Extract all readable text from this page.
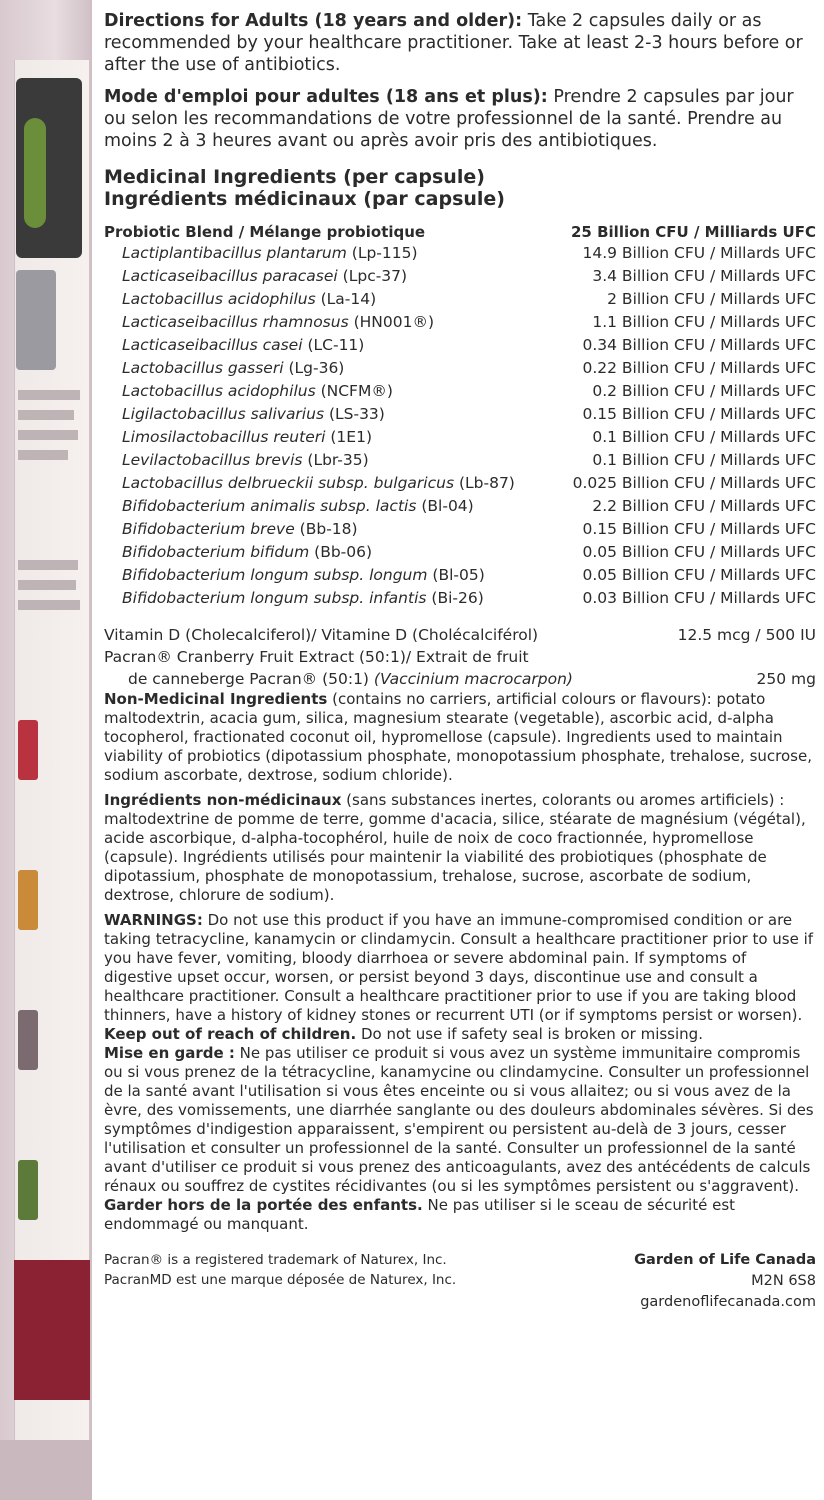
Directions for Adults (18 years and older): Take 2 capsules daily or as recommended by your healthcare practitioner. Take at least 2-3 hours before or after the use of antibiotics.

Mode d'emploi pour adultes (18 ans et plus): Prendre 2 capsules par jour ou selon les recommandations de votre professionnel de la santé. Prendre au moins 2 à 3 heures avant ou après avoir pris des antibiotiques.

Medicinal Ingredients (per capsule)
Ingrédients médicinaux (par capsule)
Probiotic Blend / Mélange probiotique	25 Billion CFU / Milliards UFC
Lactiplantibacillus plantarum (Lp-115)	14.9 Billion CFU / Millards UFC
Lacticaseibacillus paracasei (Lpc-37)	3.4 Billion CFU / Millards UFC
Lactobacillus acidophilus (La-14)	2 Billion CFU / Millards UFC
Lacticaseibacillus rhamnosus (HN001®)	1.1 Billion CFU / Millards UFC
Lacticaseibacillus casei (LC-11)	0.34 Billion CFU / Millards UFC
Lactobacillus gasseri (Lg-36)	0.22 Billion CFU / Millards UFC
Lactobacillus acidophilus (NCFM®)	0.2 Billion CFU / Millards UFC
Ligilactobacillus salivarius (LS-33)	0.15 Billion CFU / Millards UFC
Limosilactobacillus reuteri (1E1)	0.1 Billion CFU / Millards UFC
Levilactobacillus brevis (Lbr-35)	0.1 Billion CFU / Millards UFC
Lactobacillus delbrueckii subsp. bulgaricus (Lb-87)	0.025 Billion CFU / Millards UFC
Bifidobacterium animalis subsp. lactis (Bl-04)	2.2 Billion CFU / Millards UFC
Bifidobacterium breve (Bb-18)	0.15 Billion CFU / Millards UFC
Bifidobacterium bifidum (Bb-06)	0.05 Billion CFU / Millards UFC
Bifidobacterium longum subsp. longum (Bl-05)	0.05 Billion CFU / Millards UFC
Bifidobacterium longum subsp. infantis (Bi-26)	0.03 Billion CFU / Millards UFC
Vitamin D (Cholecalciferol)/ Vitamine D (Cholécalciférol)	12.5 mcg / 500 IU
Pacran® Cranberry Fruit Extract (50:1)/ Extrait de fruit
de canneberge Pacran® (50:1) (Vaccinium macrocarpon)	250 mg

Non-Medicinal Ingredients (contains no carriers, artificial colours or flavours): potato maltodextrin, acacia gum, silica, magnesium stearate (vegetable), ascorbic acid, d-alpha tocopherol, fractionated coconut oil, hypromellose (capsule). Ingredients used to maintain viability of probiotics (dipotassium phosphate, monopotassium phosphate, trehalose, sucrose, sodium ascorbate, dextrose, sodium chloride).

Ingrédients non-médicinaux (sans substances inertes, colorants ou aromes artificiels) : maltodextrine de pomme de terre, gomme d'acacia, silice, stéarate de magnésium (végétal), acide ascorbique, d-alpha-tocophérol, huile de noix de coco fractionnée, hypromellose (capsule). Ingrédients utilisés pour maintenir la viabilité des probiotiques (phosphate de dipotassium, phosphate de monopotassium, trehalose, sucrose, ascorbate de sodium, dextrose, chlorure de sodium).

WARNINGS: Do not use this product if you have an immune-compromised condition or are taking tetracycline, kanamycin or clindamycin. Consult a healthcare practitioner prior to use if you have fever, vomiting, bloody diarrhoea or severe abdominal pain. If symptoms of digestive upset occur, worsen, or persist beyond 3 days, discontinue use and consult a healthcare practitioner. Consult a healthcare practitioner prior to use if you are taking blood thinners, have a history of kidney stones or recurrent UTI (or if symptoms persist or worsen). Keep out of reach of children. Do not use if safety seal is broken or missing.

Mise en garde : Ne pas utiliser ce produit si vous avez un système immunitaire compromis ou si vous prenez de la tétracycline, kanamycine ou clindamycine. Consulter un professionnel de la santé avant l'utilisation si vous êtes enceinte ou si vous allaitez; ou si vous avez de la èvre, des vomissements, une diarrhée sanglante ou des douleurs abdominales sévères. Si des symptômes d'indigestion apparaissent, s'empirent ou persistent au-delà de 3 jours, cesser l'utilisation et consulter un professionnel de la santé. Consulter un professionnel de la santé avant d'utiliser ce produit si vous prenez des anticoagulants, avez des antécédents de calculs rénaux ou souffrez de cystites récidivantes (ou si les symptômes persistent ou s'aggravent). Garder hors de la portée des enfants. Ne pas utiliser si le sceau de sécurité est endommagé ou manquant.

Pacran® is a registered trademark of Naturex, Inc.
PacranMD est une marque déposée de Naturex, Inc.
Garden of Life Canada
M2N 6S8
gardenoflifecanada.com
